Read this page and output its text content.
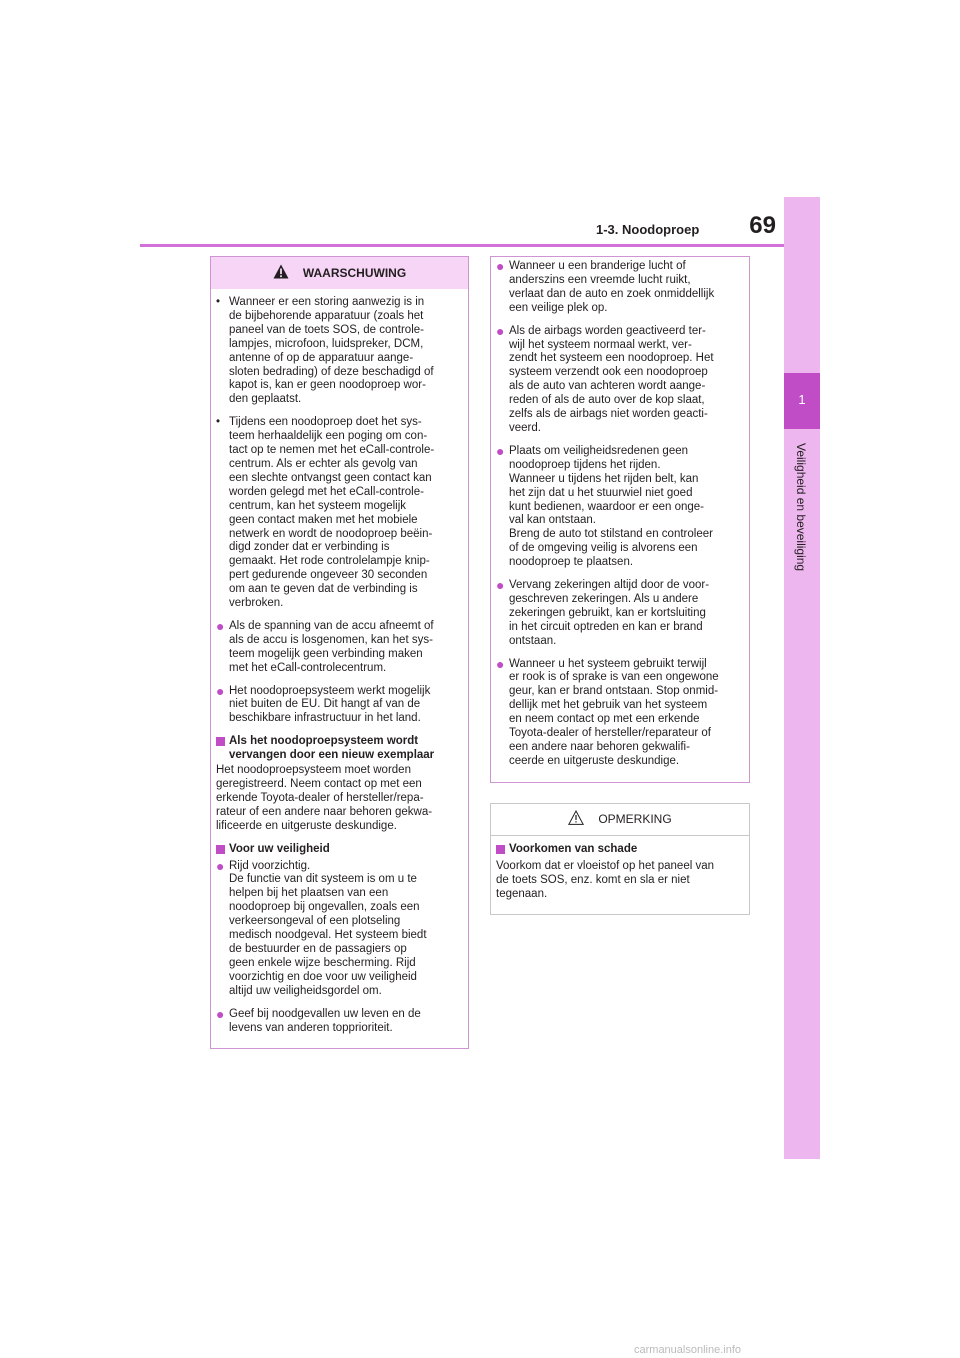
1-3. Noodoproep 69
1
Veiligheid en beveiliging
WAARSCHUWING
• Wanneer er een storing aanwezig is in
de bijbehorende apparatuur (zoals het
paneel van de toets SOS, de controle-
lampjes, microfoon, luidspreker, DCM,
antenne of op de apparatuur aange-
sloten bedrading) of deze beschadigd of
kapot is, kan er geen noodoproep wor-
den geplaatst.
• Tijdens een noodoproep doet het sys-
teem herhaaldelijk een poging om con-
tact op te nemen met het eCall-controle-
centrum. Als er echter als gevolg van
een slechte ontvangst geen contact kan
worden gelegd met het eCall-controle-
centrum, kan het systeem mogelijk
geen contact maken met het mobiele
netwerk en wordt de noodoproep beëin-
digd zonder dat er verbinding is
gemaakt. Het rode controlelampje knip-
pert gedurende ongeveer 30 seconden
om aan te geven dat de verbinding is
verbroken.
● Als de spanning van de accu afneemt of
als de accu is losgenomen, kan het sys-
teem mogelijk geen verbinding maken
met het eCall-controlecentrum.
● Het noodoproepsysteem werkt mogelijk
niet buiten de EU. Dit hangt af van de
beschikbare infrastructuur in het land.
Als het noodoproepsysteem wordt
vervangen door een nieuw exemplaar

Het noodoproepsysteem moet worden
geregistreerd. Neem contact op met een
erkende Toyota-dealer of hersteller/repa-
rateur of een andere naar behoren gekwa-
lificeerde en uitgeruste deskundige.

Voor uw veiligheid
● Rijd voorzichtig.
De functie van dit systeem is om u te
helpen bij het plaatsen van een
noodoproep bij ongevallen, zoals een
verkeersongeval of een plotseling
medisch noodgeval. Het systeem biedt
de bestuurder en de passagiers op
geen enkele wijze bescherming. Rijd
voorzichtig en doe voor uw veiligheid
altijd uw veiligheidsgordel om.
● Geef bij noodgevallen uw leven en de
levens van anderen topprioriteit.
● Wanneer u een branderige lucht of
anderszins een vreemde lucht ruikt,
verlaat dan de auto en zoek onmiddellijk
een veilige plek op.
● Als de airbags worden geactiveerd ter-
wijl het systeem normaal werkt, ver-
zendt het systeem een noodoproep. Het
systeem verzendt ook een noodoproep
als de auto van achteren wordt aange-
reden of als de auto over de kop slaat,
zelfs als de airbags niet worden geacti-
veerd.
● Plaats om veiligheidsredenen geen
noodoproep tijdens het rijden.
Wanneer u tijdens het rijden belt, kan
het zijn dat u het stuurwiel niet goed
kunt bedienen, waardoor er een onge-
val kan ontstaan.
Breng de auto tot stilstand en controleer
of de omgeving veilig is alvorens een
noodoproep te plaatsen.
● Vervang zekeringen altijd door de voor-
geschreven zekeringen. Als u andere
zekeringen gebruikt, kan er kortsluiting
in het circuit optreden en kan er brand
ontstaan.
● Wanneer u het systeem gebruikt terwijl
er rook is of sprake is van een ongewone
geur, kan er brand ontstaan. Stop onmid-
dellijk met het gebruik van het systeem
en neem contact op met een erkende
Toyota-dealer of hersteller/reparateur of
een andere naar behoren gekwalifi-
ceerde en uitgeruste deskundige.
OPMERKING
Voorkomen van schade

Voorkom dat er vloeistof op het paneel van
de toets SOS, enz. komt en sla er niet
tegenaan.

carmanualsonline.info
